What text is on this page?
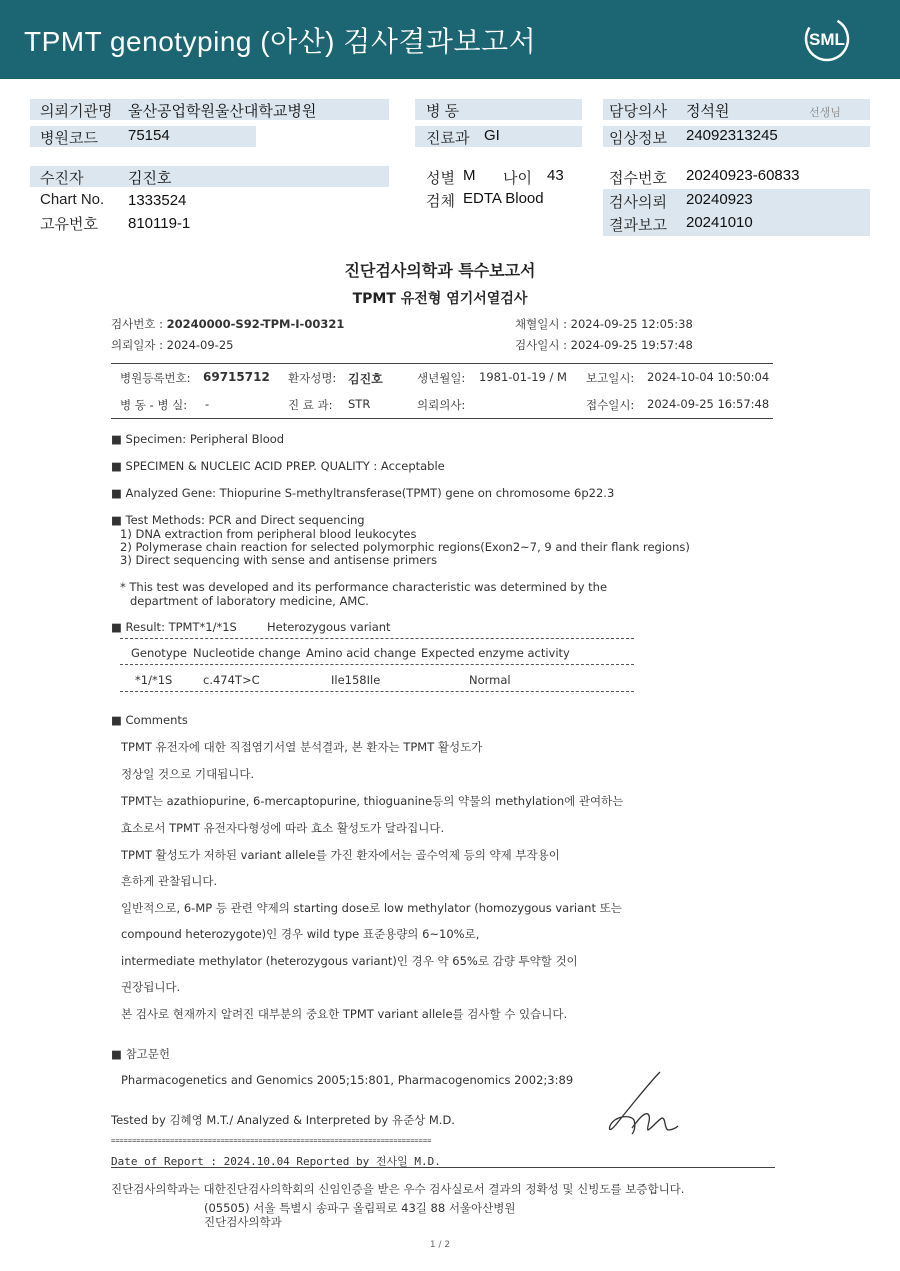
TPMT genotyping (아산) 검사결과보고서	SML
의뢰기관명 울산공업학원울산대학교병원
병원코드 75154
병 동
진료과 GI
담당의사 정석원	선생님
임상정보 24092313245
수진자	김진호
Chart No. 1333524
고유번호 810119-1
성별 M 나이 43
검체 EDTA Blood
접수번호 20240923-60833
검사의뢰 20240923
결과보고 20241010
진단검사의학과 특수보고서
TPMT 유전형 염기서열검사
검사번호 : 20240000-S92-TPM-I-00321	채혈일시 : 2024-09-25 12:05:38
의뢰일자 : 2024-09-25	검사일시 : 2024-09-25 19:57:48
병원등록번호: 69715712 환자성명: 김진호	생년월일: 1981-01-19 / M 보고일시: 2024-10-04 10:50:04
병 동 - 병 실: -	진 료 과: STR	의뢰의사:	접수일시: 2024-09-25 16:57:48
■ Specimen: Peripheral Blood
■ SPECIMEN & NUCLEIC ACID PREP. QUALITY : Acceptable
■ Analyzed Gene: Thiopurine S-methyltransferase(TPMT) gene on chromosome 6p22.3
■ Test Methods: PCR and Direct sequencing
1) DNA extraction from peripheral blood leukocytes
2) Polymerase chain reaction for selected polymorphic regions(Exon2~7, 9 and their flank regions)
3) Direct sequencing with sense and antisense primers
* This test was developed and its performance characteristic was determined by the
department of laboratory medicine, AMC.
■ Result: TPMT*1/*1S	Heterozygous variant
Genotype Nucleotide change Amino acid change Expected enzyme activity
*1/*1S	c.474T>C	Ile158Ile	Normal
■ Comments
TPMT 유전자에 대한 직접염기서열 분석결과, 본 환자는 TPMT 활성도가
정상일 것으로 기대됩니다.
TPMT는 azathiopurine, 6-mercaptopurine, thioguanine등의 약물의 methylation에 관여하는
효소로서 TPMT 유전자다형성에 따라 효소 활성도가 달라집니다.
TPMT 활성도가 저하된 variant allele를 가진 환자에서는 골수억제 등의 약제 부작용이
흔하게 관찰됩니다.
일반적으로, 6-MP 등 관련 약제의 starting dose로 low methylator (homozygous variant 또는
compound heterozygote)인 경우 wild type 표준용량의 6~10%로,
intermediate methylator (heterozygous variant)인 경우 약 65%로 감량 투약할 것이
권장됩니다.
본 검사로 현재까지 알려진 대부분의 중요한 TPMT variant allele를 검사할 수 있습니다.
■ 참고문헌
Pharmacogenetics and Genomics 2005;15:801, Pharmacogenomics 2002;3:89
Tested by 김혜영 M.T./ Analyzed & Interpreted by 유준상 M.D.
============================================================================
Date of Report : 2024.10.04 Reported by 전사일 M.D.
진단검사의학과는 대한진단검사의학회의 신임인증을 받은 우수 검사실로서 결과의 정확성 및 신빙도를 보증합니다.
(05505) 서울 특별시 송파구 올림픽로 43길 88 서울아산병원
진단검사의학과
1 / 2
